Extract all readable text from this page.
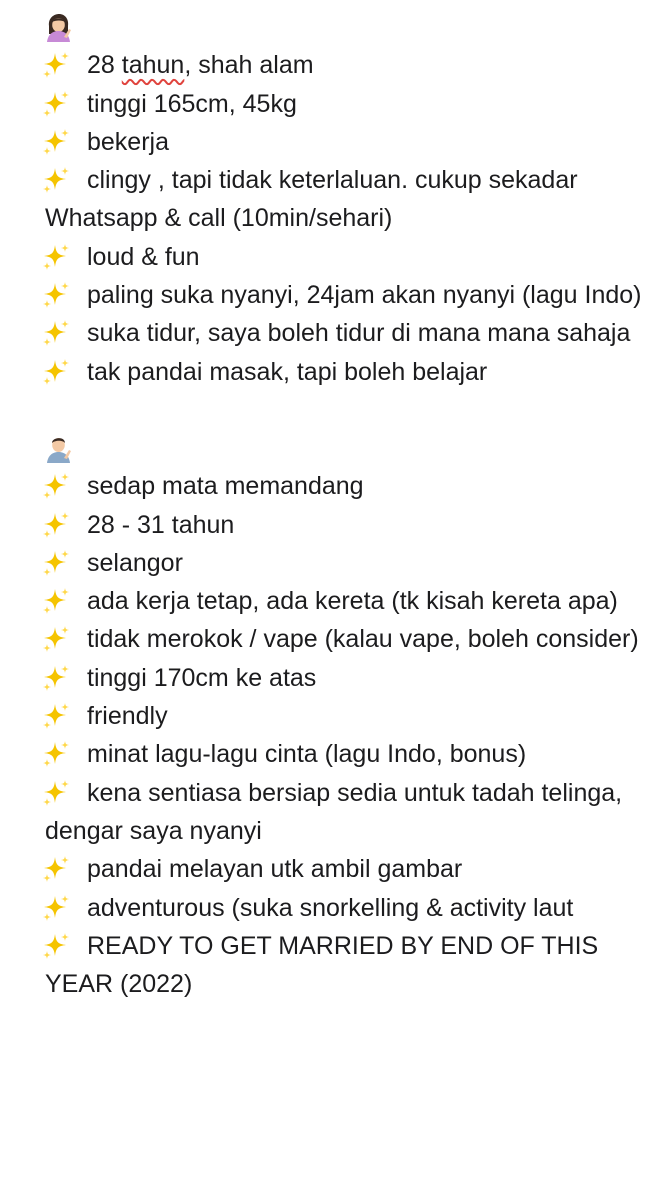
28 tahun, shah alam
tinggi 165cm, 45kg
bekerja
clingy , tapi tidak keterlaluan. cukup sekadar Whatsapp & call (10min/sehari)
loud & fun
paling suka nyanyi, 24jam akan nyanyi (lagu Indo)
suka tidur, saya boleh tidur di mana mana sahaja
tak pandai masak, tapi boleh belajar
sedap mata memandang
28 - 31 tahun
selangor
ada kerja tetap, ada kereta (tk kisah kereta apa)
tidak merokok / vape (kalau vape, boleh consider)
tinggi 170cm ke atas
friendly
minat lagu-lagu cinta (lagu Indo, bonus)
kena sentiasa bersiap sedia untuk tadah telinga, dengar saya nyanyi
pandai melayan utk ambil gambar
adventurous (suka snorkelling & activity laut
READY TO GET MARRIED BY END OF THIS YEAR (2022)
